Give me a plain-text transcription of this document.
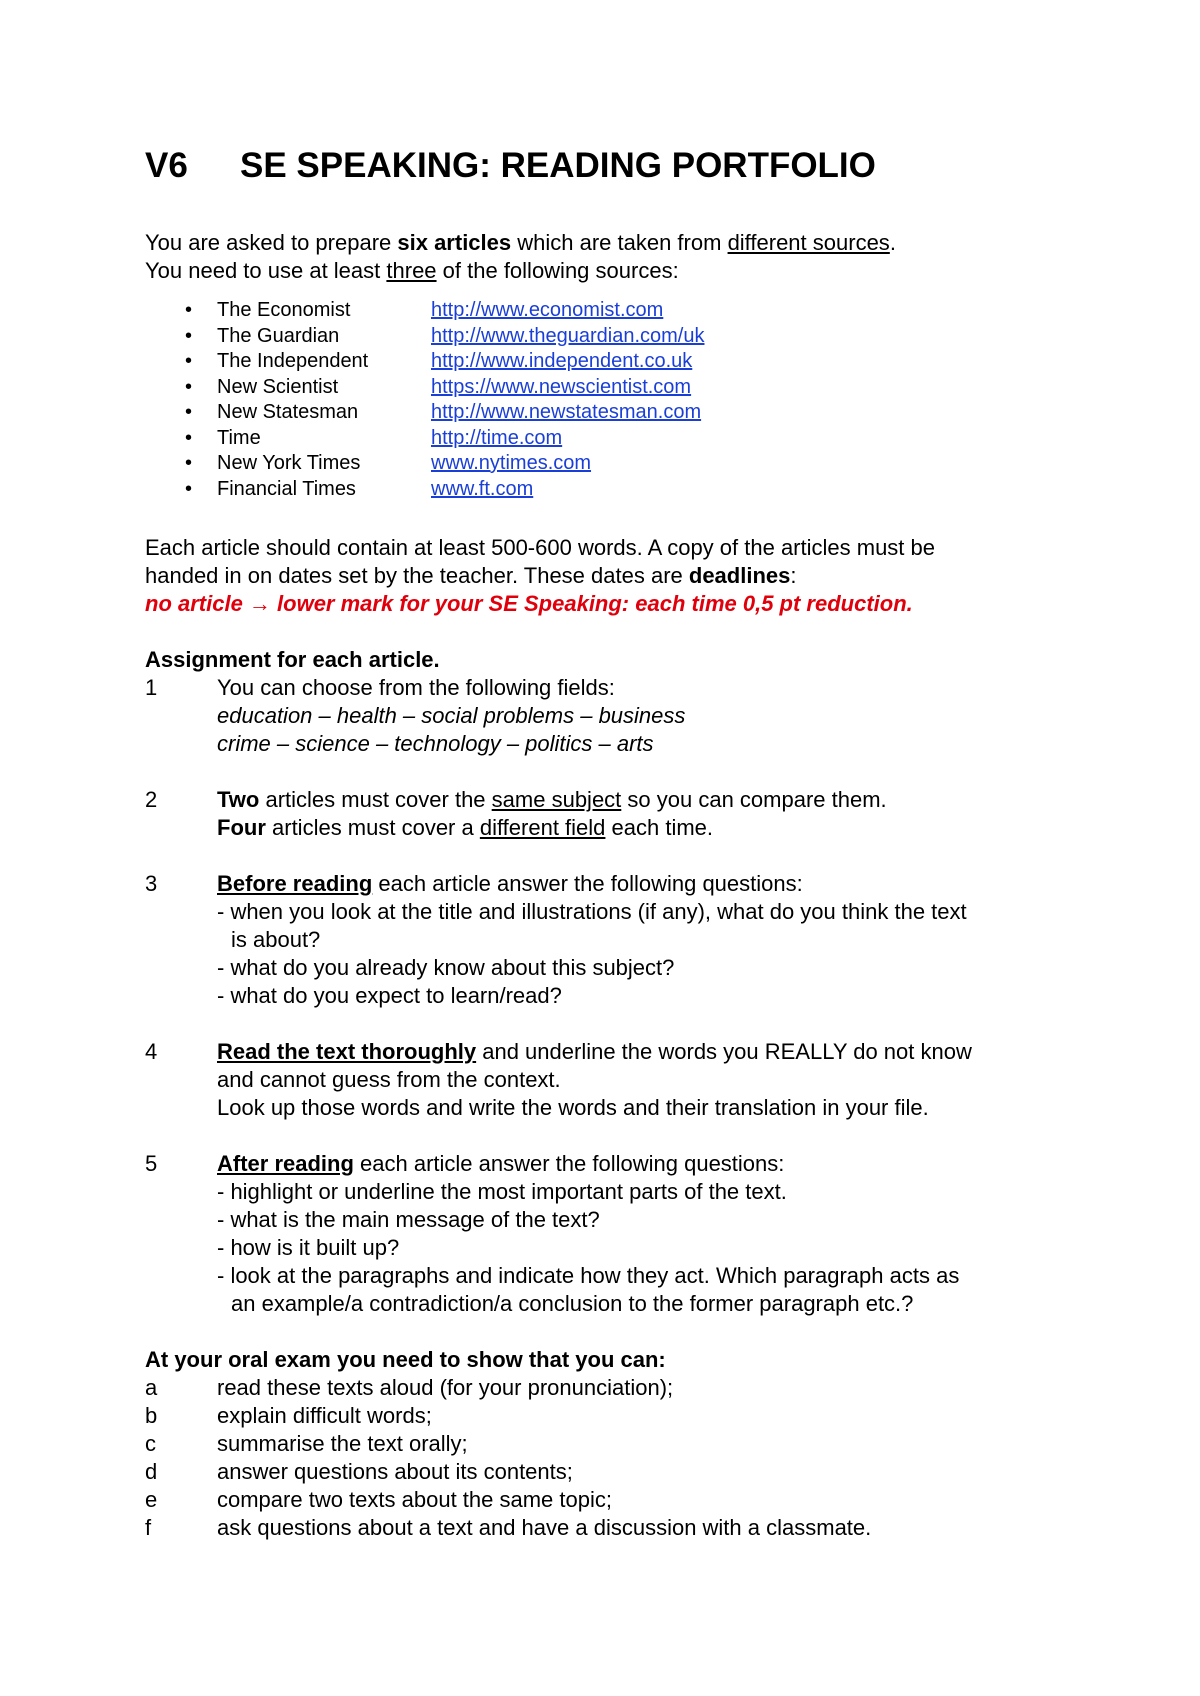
V6 SE SPEAKING: READING PORTFOLIO

You are asked to prepare six articles which are taken from different sources.

You need to use at least three of the following sources:

• The Economist	http://www.economist.com
• The Guardian	http://www.theguardian.com/uk
• The Independent	http://www.independent.co.uk
• New Scientist	https://www.newscientist.com
• New Statesman	http://www.newstatesman.com
• Time	http://time.com
• New York Times	www.nytimes.com
• Financial Times	www.ft.com

Each article should contain at least 500-600 words. A copy of the articles must be

handed in on dates set by the teacher. These dates are deadlines:

no article → lower mark for your SE Speaking: each time 0,5 pt reduction.

Assignment for each article.

1	You can choose from the following fields:

education – health – social problems – business

crime – science – technology – politics – arts

2	Two articles must cover the same subject so you can compare them.

Four articles must cover a different field each time.

3	Before reading each article answer the following questions:

- when you look at the title and illustrations (if any), what do you think the text

is about?

- what do you already know about this subject?

- what do you expect to learn/read?

4	Read the text thoroughly and underline the words you REALLY do not know

and cannot guess from the context.

Look up those words and write the words and their translation in your file.

5	After reading each article answer the following questions:

- highlight or underline the most important parts of the text.

- what is the main message of the text?

- how is it built up?

- look at the paragraphs and indicate how they act. Which paragraph acts as

an example/a contradiction/a conclusion to the former paragraph etc.?

At your oral exam you need to show that you can:

a	read these texts aloud (for your pronunciation);

b	explain difficult words;

c	summarise the text orally;

d	answer questions about its contents;

e	compare two texts about the same topic;

f	ask questions about a text and have a discussion with a classmate.
